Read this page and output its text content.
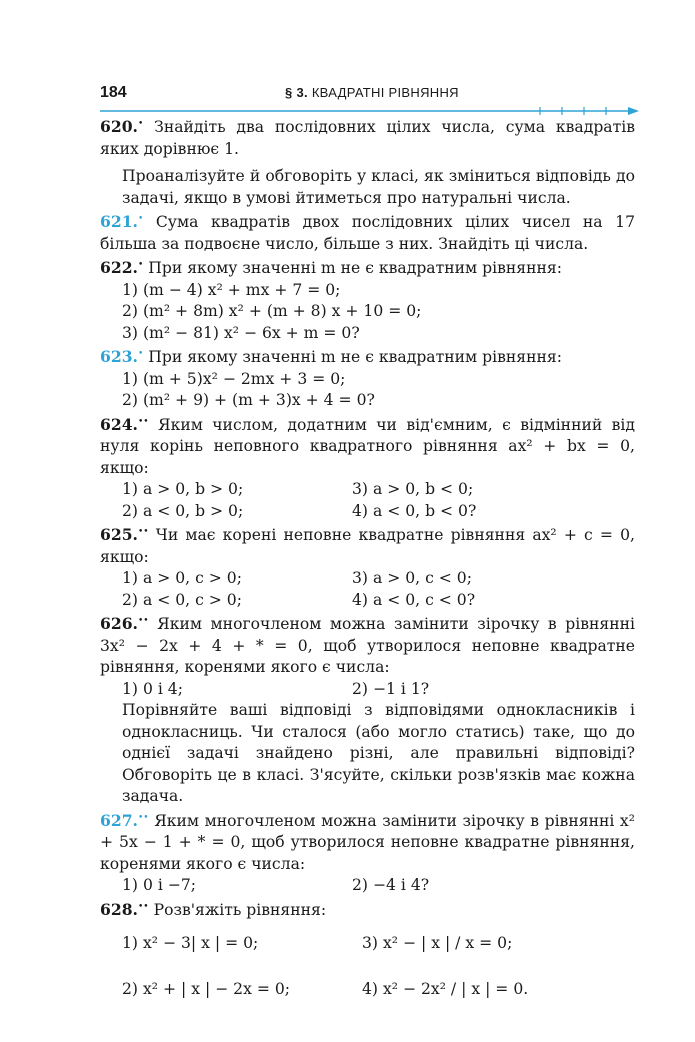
184	§ 3. КВАДРАТНІ РІВНЯННЯ

620.• Знайдіть два послідовних цілих числа, сума квадратів яких дорівнює 1.

Проаналізуйте й обговоріть у класі, як зміниться відповідь до задачі, якщо в умові йтиметься про натуральні числа.

621.• Сума квадратів двох послідовних цілих чисел на 17 більша за подвоєне число, більше з них. Знайдіть ці числа.

622.• При якому значенні m не є квадратним рівняння:

1) (m − 4) x² + mx + 7 = 0;
2) (m² + 8m) x² + (m + 8) x + 10 = 0;
3) (m² − 81) x² − 6x + m = 0?

623.• При якому значенні m не є квадратним рівняння:

1) (m + 5)x² − 2mx + 3 = 0;
2) (m² + 9) + (m + 3)x + 4 = 0?

624.•• Яким числом, додатним чи від'ємним, є відмінний від нуля корінь неповного квадратного рівняння ax² + bx = 0, якщо:

1) a > 0, b > 0;	3) a > 0, b < 0;
2) a < 0, b > 0;	4) a < 0, b < 0?

625.•• Чи має корені неповне квадратне рівняння ax² + c = 0, якщо:

1) a > 0, c > 0;	3) a > 0, c < 0;
2) a < 0, c > 0;	4) a < 0, c < 0?

626.•• Яким многочленом можна замінити зірочку в рівнянні 3x² − 2x + 4 + * = 0, щоб утворилося неповне квадратне рівняння, коренями якого є числа:

1) 0 і 4;	2) −1 і 1?

Порівняйте ваші відповіді з відповідями однокласників і однокласниць. Чи сталося (або могло статись) таке, що до однієї задачі знайдено різні, але правильні відповіді? Обговоріть це в класі. З'ясуйте, скільки розв'язків має кожна задача.

627.•• Яким многочленом можна замінити зірочку в рівнянні x² + 5x − 1 + * = 0, щоб утворилося неповне квадратне рівняння, коренями якого є числа:

1) 0 і −7;	2) −4 і 4?

628.•• Розв'яжіть рівняння:

1) x² − 3| x | = 0;	3) x² − | x | / x = 0;
2) x² + | x | − 2x = 0;	4) x² − 2x² / | x | = 0.
